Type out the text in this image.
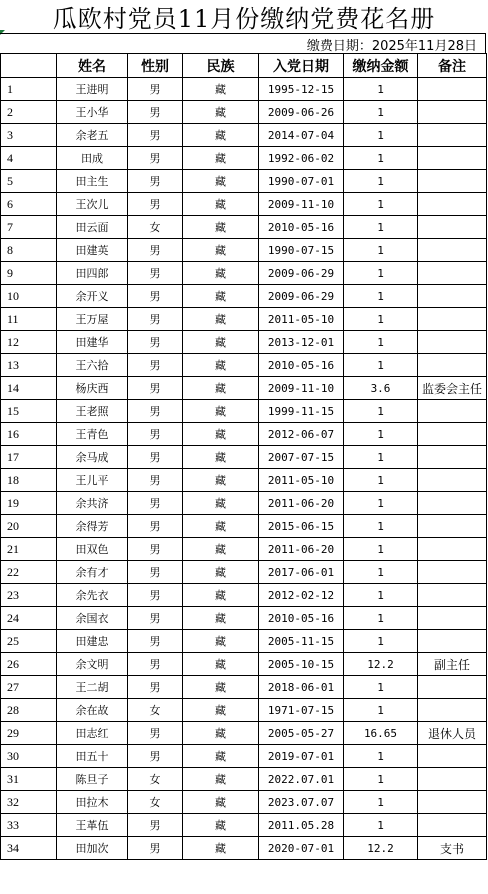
瓜欧村党员11月份缴纳党费花名册
缴费日期：2025年11月28日
	姓名	性别	民族	入党日期	缴纳金额	备注
1	王进明	男	藏	1995-12-15	1	
2	王小华	男	藏	2009-06-26	1	
3	余老五	男	藏	2014-07-04	1	
4	田成	男	藏	1992-06-02	1	
5	田主生	男	藏	1990-07-01	1	
6	王次儿	男	藏	2009-11-10	1	
7	田云面	女	藏	2010-05-16	1	
8	田建英	男	藏	1990-07-15	1	
9	田四郎	男	藏	2009-06-29	1	
10	余开义	男	藏	2009-06-29	1	
11	王万屋	男	藏	2011-05-10	1	
12	田建华	男	藏	2013-12-01	1	
13	王六拾	男	藏	2010-05-16	1	
14	杨庆西	男	藏	2009-11-10	3.6	监委会主任
15	王老照	男	藏	1999-11-15	1	
16	王青色	男	藏	2012-06-07	1	
17	余马成	男	藏	2007-07-15	1	
18	王儿平	男	藏	2011-05-10	1	
19	余共济	男	藏	2011-06-20	1	
20	余得芳	男	藏	2015-06-15	1	
21	田双色	男	藏	2011-06-20	1	
22	余有才	男	藏	2017-06-01	1	
23	余先衣	男	藏	2012-02-12	1	
24	余国衣	男	藏	2010-05-16	1	
25	田建忠	男	藏	2005-11-15	1	
26	余文明	男	藏	2005-10-15	12.2	副主任
27	王二胡	男	藏	2018-06-01	1	
28	余在故	女	藏	1971-07-15	1	
29	田志红	男	藏	2005-05-27	16.65	退休人员
30	田五十	男	藏	2019-07-01	1	
31	陈旦子	女	藏	2022.07.01	1	
32	田拉木	女	藏	2023.07.07	1	
33	王革伍	男	藏	2011.05.28	1	
34	田加次	男	藏	2020-07-01	12.2	支书
